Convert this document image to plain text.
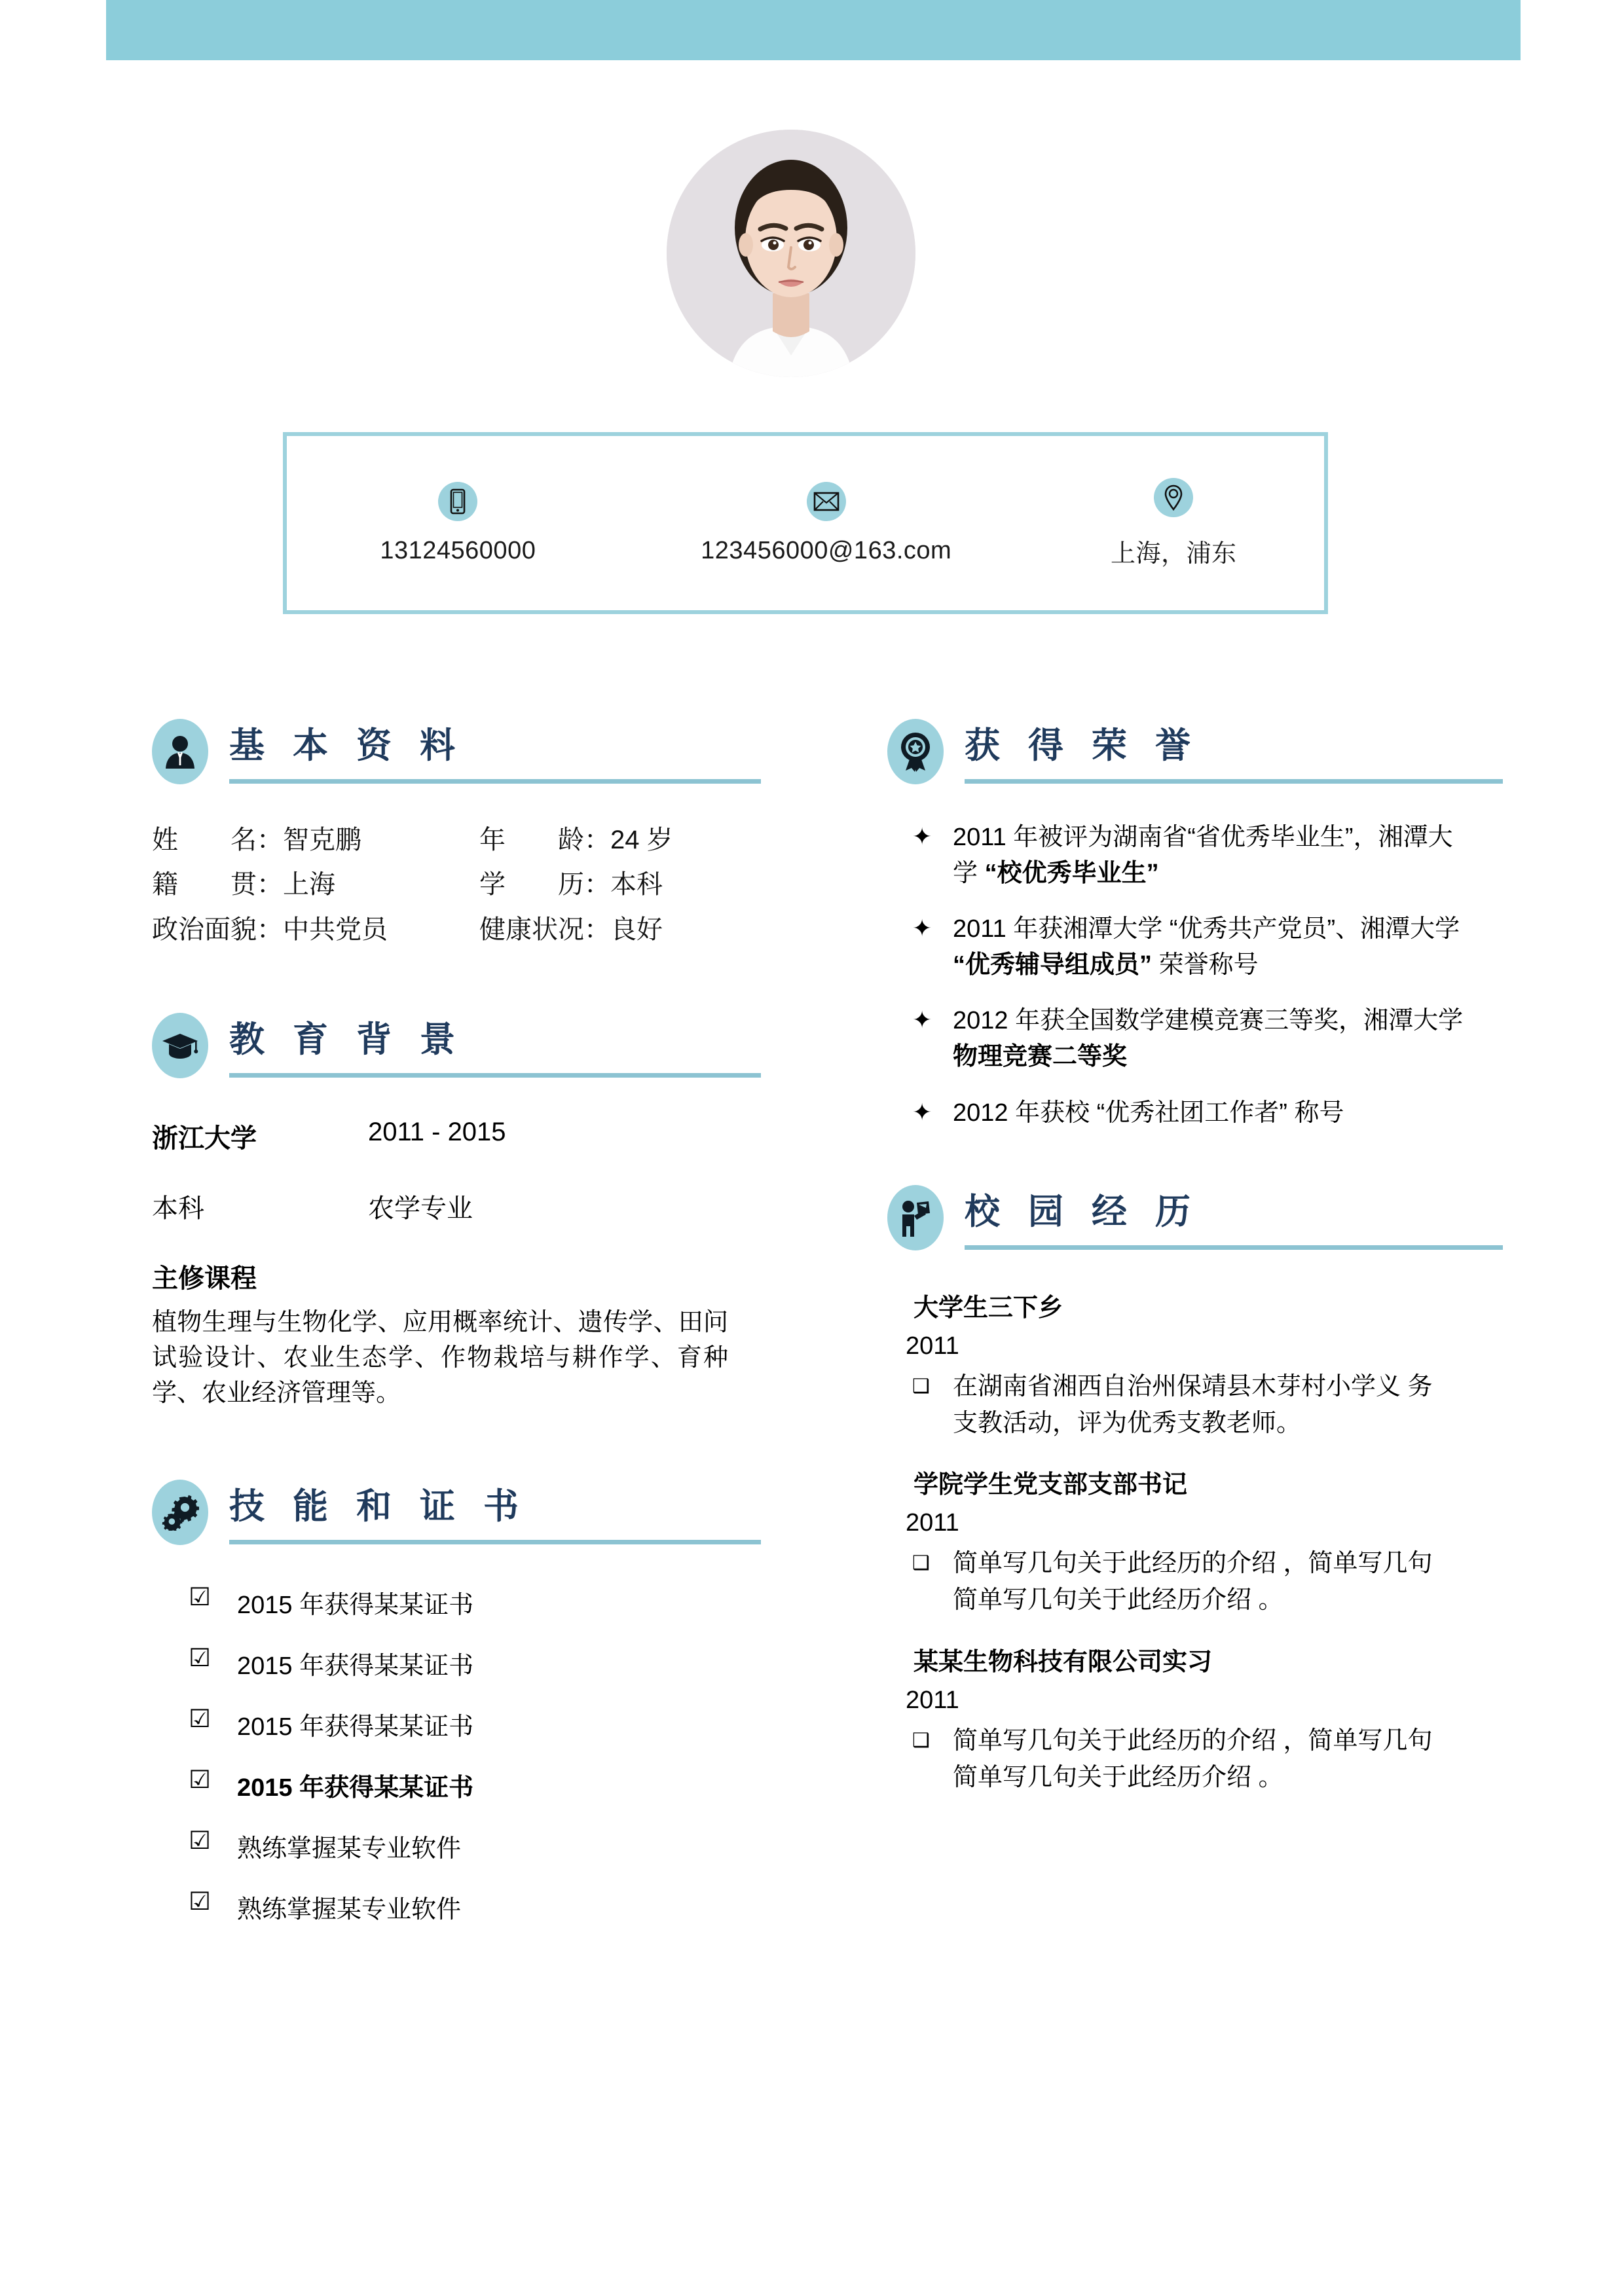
13124560000	123456000@163.com	上海，浦东
基 本 资 料
姓　　名：智克鹏	年　　龄：24 岁
籍　　贯：上海	学　　历：本科
政治面貌：中共党员	健康状况：良好
教 育 背 景
浙江大学	2011 - 2015
本科	农学专业
主修课程
植物生理与生物化学、应用概率统计、遗传学、田问试验设计、农业生态学、作物栽培与耕作学、育种学、农业经济管理等。
技 能 和 证 书
☑	2015 年获得某某证书
☑	2015 年获得某某证书
☑	2015 年获得某某证书
☑	2015 年获得某某证书
☑	熟练掌握某专业软件
☑	熟练掌握某专业软件
获 得 荣 誉
✦ 2011 年被评为湖南省“省优秀毕业生”，湘潭大学 “校优秀毕业生”
✦ 2011 年获湘潭大学 “优秀共产党员”、湘潭大学 “优秀辅导组成员” 荣誉称号
✦ 2012 年获全国数学建模竞赛三等奖，湘潭大学物理竞赛二等奖
✦ 2012 年获校 “优秀社团工作者” 称号
校 园 经 历
大学生三下乡
2011
❑ 在湖南省湘西自治州保靖县木芽村小学义 务支教活动，评为优秀支教老师。
学院学生党支部支部书记
2011
❑ 简单写几句关于此经历的介绍 ，简单写几句简单写几句关于此经历介绍 。
某某生物科技有限公司实习
2011
❑ 简单写几句关于此经历的介绍 ，简单写几句简单写几句关于此经历介绍 。
